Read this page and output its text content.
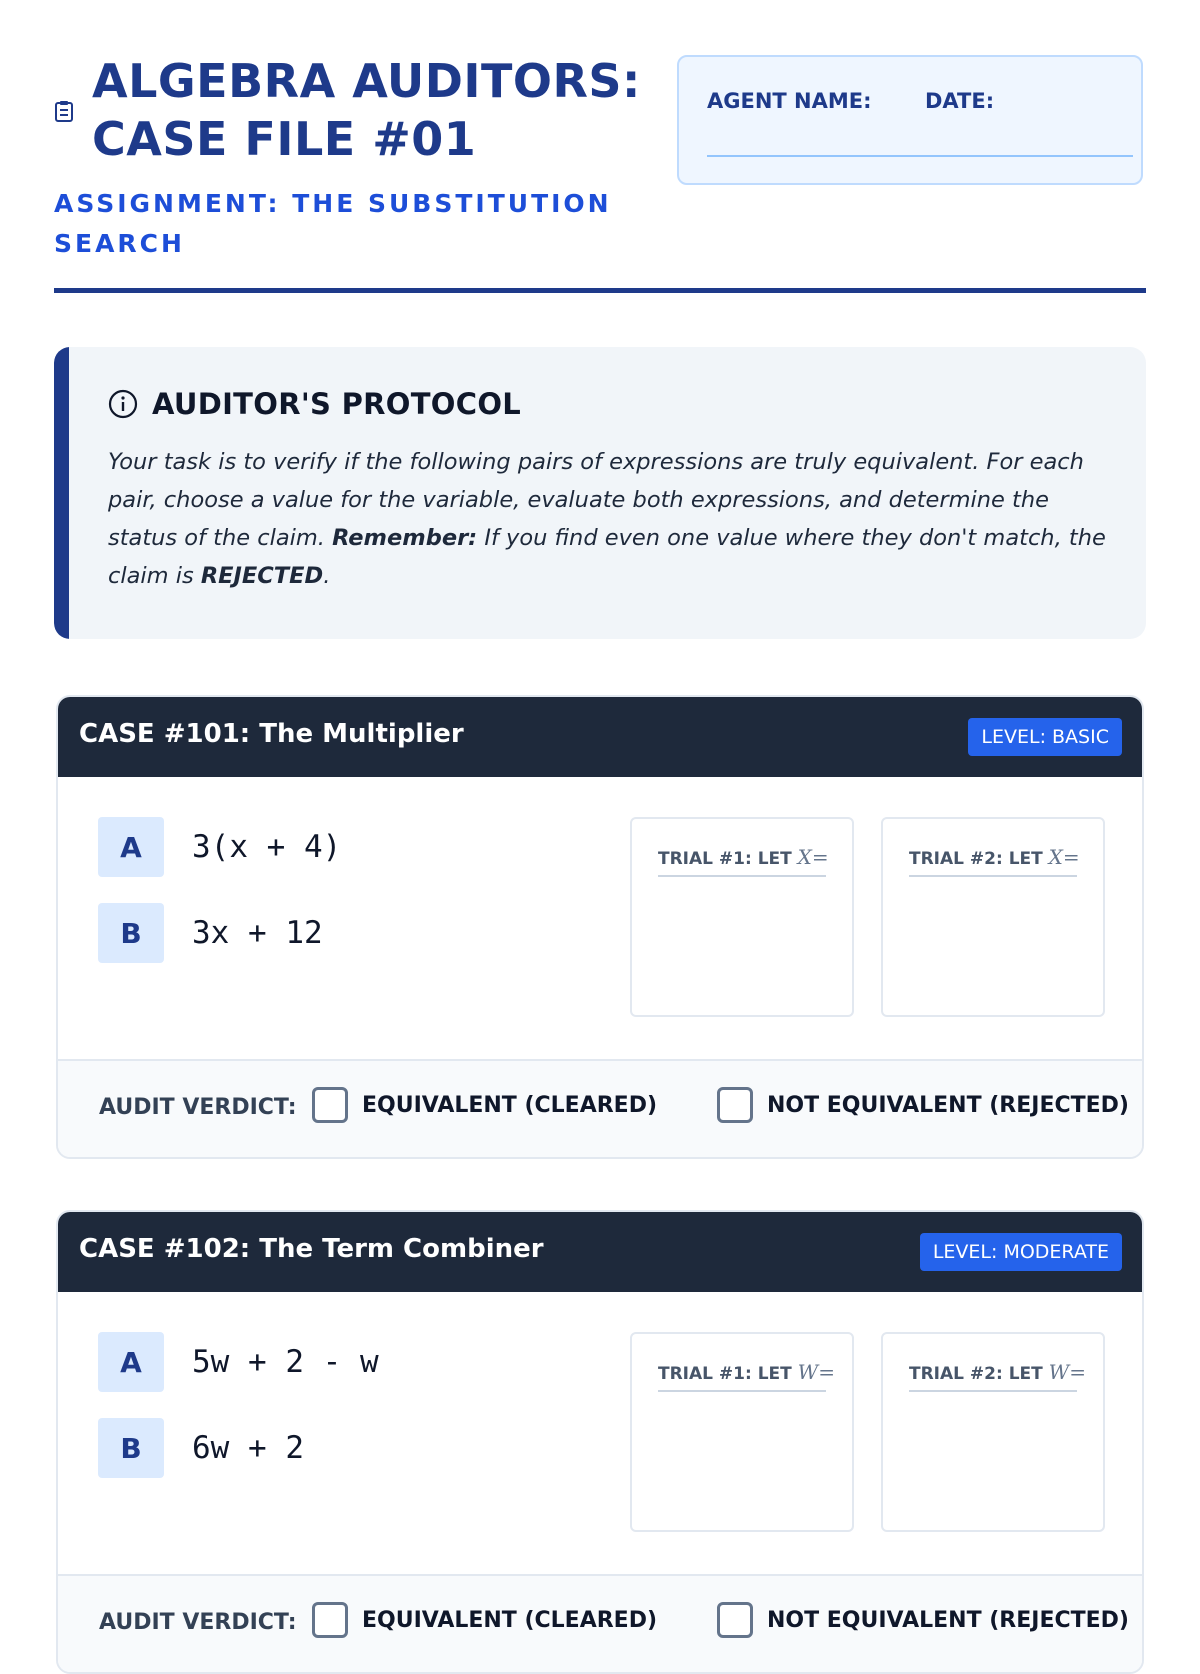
ALGEBRA AUDITORS:
CASE FILE #01
ASSIGNMENT: THE SUBSTITUTION SEARCH
AGENT NAME:	DATE:
AUDITOR'S PROTOCOL
Your task is to verify if the following pairs of expressions are truly equivalent. For each pair, choose a value for the variable, evaluate both expressions, and determine the status of the claim. Remember: If you find even one value where they don't match, the claim is REJECTED.
CASE #101: The Multiplier	LEVEL: BASIC
A	3(x + 4)
B	3x + 12
TRIAL #1: LET X=	TRIAL #2: LET X=
AUDIT VERDICT:	EQUIVALENT (CLEARED)	NOT EQUIVALENT (REJECTED)
CASE #102: The Term Combiner	LEVEL: MODERATE
A	5w + 2 - w
B	6w + 2
TRIAL #1: LET W=	TRIAL #2: LET W=
AUDIT VERDICT:	EQUIVALENT (CLEARED)	NOT EQUIVALENT (REJECTED)
